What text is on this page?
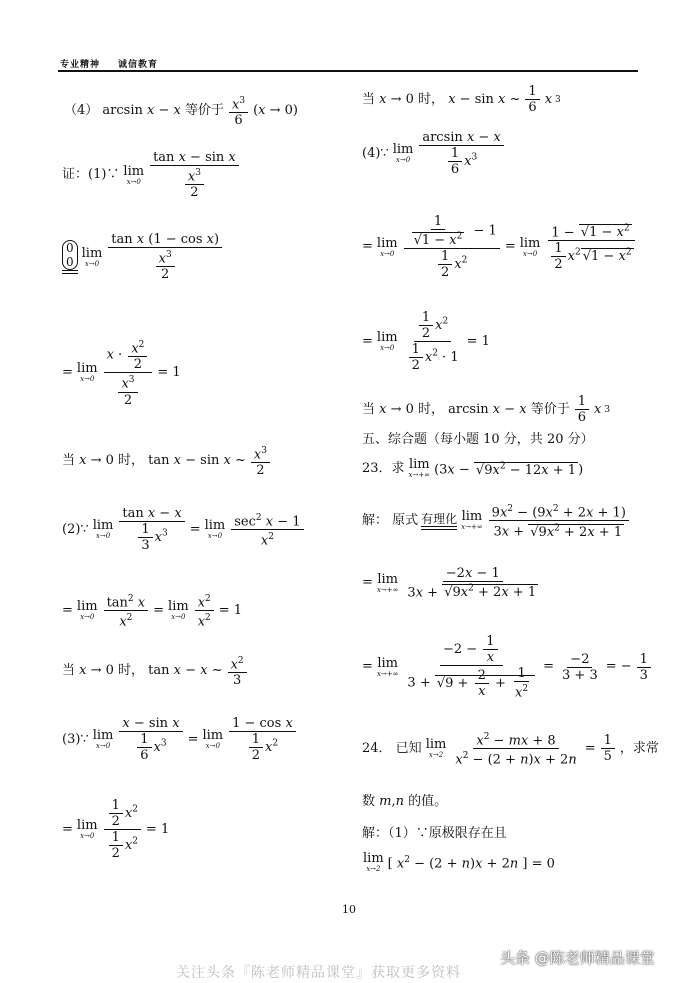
专业精神 诚信教育
（4） arcsin x − x 等价于 $\frac{x^3}{6} (x \to 0)$
证：(1)∵ lim
$x\to 0 \frac{\text{tan x − sin x}}{\frac{x^3}{2}}$
0
0
lim
$x\to 0 \frac{\text{tan x (1 − cos x)}}{\frac{x^3}{2}}$
= lim
$x\to 0 \frac{x \cdot \frac{x^2}{2}}{\frac{x^3}{2}} = 1$
当 x → 0 时， tan x − sin x ~ $\frac{x^3}{2}$
(2)∵ lim
$x\to 0 \frac{\text{tan x − x}}{\frac{1}{3} x^3} = \lim$
$x\to 0 \frac{\sec^2 x - 1}{x^2}$
= lim
$x\to 0 \frac{\tan^2 x}{x^2} = \lim$
$x\to 0 \frac{x^2}{x^2} = 1$
当 x → 0 时， tan x − x ~ $\frac{x^2}{3}$
(3)∵ lim
$x\to 0 \frac{\text{x − sin x}}{\frac{1}{6} x^3} = \lim$
$x\to 0 \frac{\text{1 − cos x}}{\frac{1}{2} x^2}$
= lim
$x\to 0 \frac{\frac{1}{2} x^2}{\frac{1}{2} x^2} = 1$
当 x → 0 时， x − sin x ~ $\frac{1}{6}$ x 3
(4)∵ lim
$x\to 0 \frac{\text{arcsin x − x}}{\frac{1}{6} x^3}$
= lim
x→0 1
√ $1 - x^2 - 1$
$\frac{1}{2} x^2 = \lim$
$x\to 0 \frac{1 - √ 1 - x^2}{\frac{1}{2} x^2√ 1 - x^2}$
= lim
$x\to 0 \frac{\frac{1}{2} x^2}{\frac{1}{2} x^2 \cdot 1} = 1$
当 x → 0 时， arcsin x − x 等价于 $\frac{1}{6}$ x 3
五、综合题（每小题 10 分，共 20 分）
23．求 lim
x→+∞ (3x − √ $9x^2 - 12x + 1$ )
解： 原式 有理化 lim
$x\to+\infty \frac{9x^2 - (9x^2 + 2x + 1)}{3x + √ 9x^2 + 2x + 1}$
= lim
$x\to+\infty \frac{-2x - 1}{3x + √ 9x^2 + 2x + 1}$
= lim
$x\to+\infty \frac{-2 - \frac{1}{x}}{3 + √ 9 + \frac{2}{x} + \frac{1}{x^2}} = \frac{-2}{3 + 3}$ = − $\frac{1}{3}$
24． 已知 lim
$x\to 2 \frac{x^2 - mx + 8}{x^2 - (2 + n)x + 2n} = \frac{1}{5}$ ，求常
数 m,n 的值。
解：（1）∵原极限存在且
lim
x→2 [ $x^2 - (2 + n)x + 2n$ ] = 0
10
关注头条『陈老师精品课堂』获取更多资料
头条 @陈老师精品课堂
